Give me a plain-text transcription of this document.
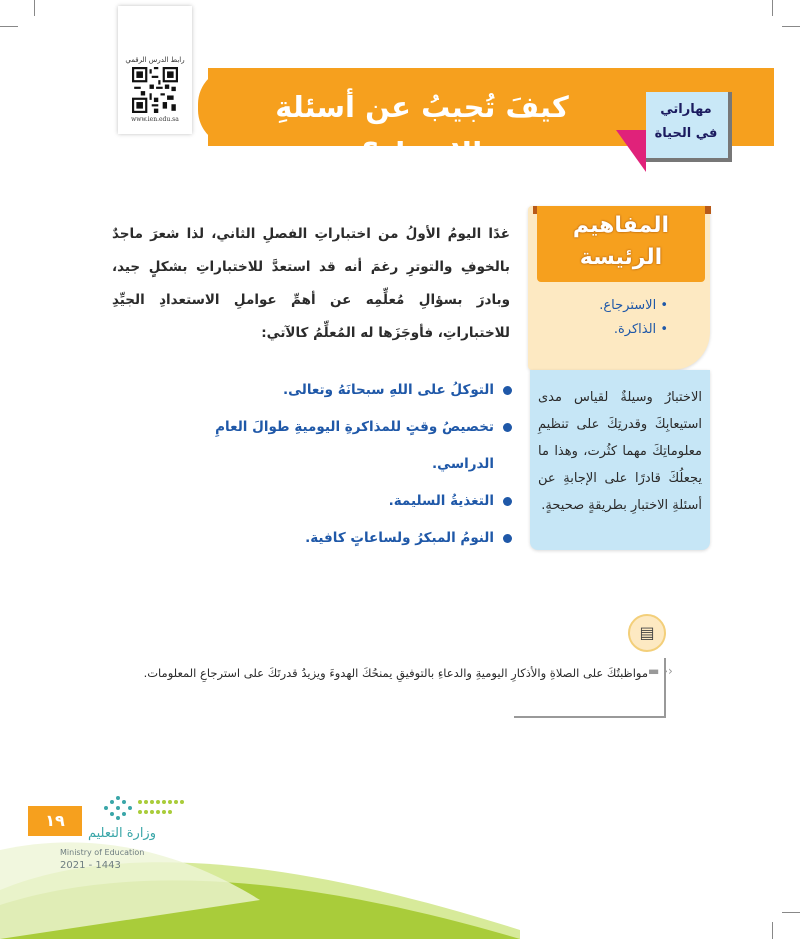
رابط الدرس الرقمي
www.ien.edu.sa	كيفَ تُجيبُ عن أسئلةِ الاختبارِ؟
مهاراتي
في الحياة
المفاهيم
الرئيسة
• الاسترجاع.
• الذاكرة.
الاختبارُ وسيلةٌ لقياس مدى استيعابِكَ وقدرتِكَ على تنظيمِ معلوماتِكَ مهما كثُرت، وهذا ما يجعلُكَ قادرًا على الإجابةِ عن أسئلةِ الاختبارِ بطريقةٍ صحيحةٍ.
غدًا اليومُ الأولُ من اختباراتِ الفصلِ الثاني، لذا شعرَ ماجدٌ بالخوفِ والتوترِ رغمَ أنه قد استعدَّ للاختباراتِ بشكلٍ جيد، وبادرَ بسؤالِ مُعلِّمِه عن أهمِّ عواملِ الاستعدادِ الجيِّدِ للاختباراتِ، فأوجَزَها له المُعلِّمُ كالآتي:
التوكلُ على اللهِ سبحانَهُ وتعالى.
تخصيصُ وقتٍ للمذاكرةِ اليوميةِ طوالَ العامِ الدراسي.
التغذيةُ السليمة.
النومُ المبكرُ ولساعاتٍ كافية.
▤
▬ ››
مواظبتُكَ على الصلاةِ والأذكارِ اليوميةِ والدعاءِ بالتوفيقِ يمنحُكَ الهدوءَ ويزيدُ قدرتَكَ على استرجاعِ المعلومات.
١٩
وزارة التعليم
Ministry of Education
2021 - 1443
